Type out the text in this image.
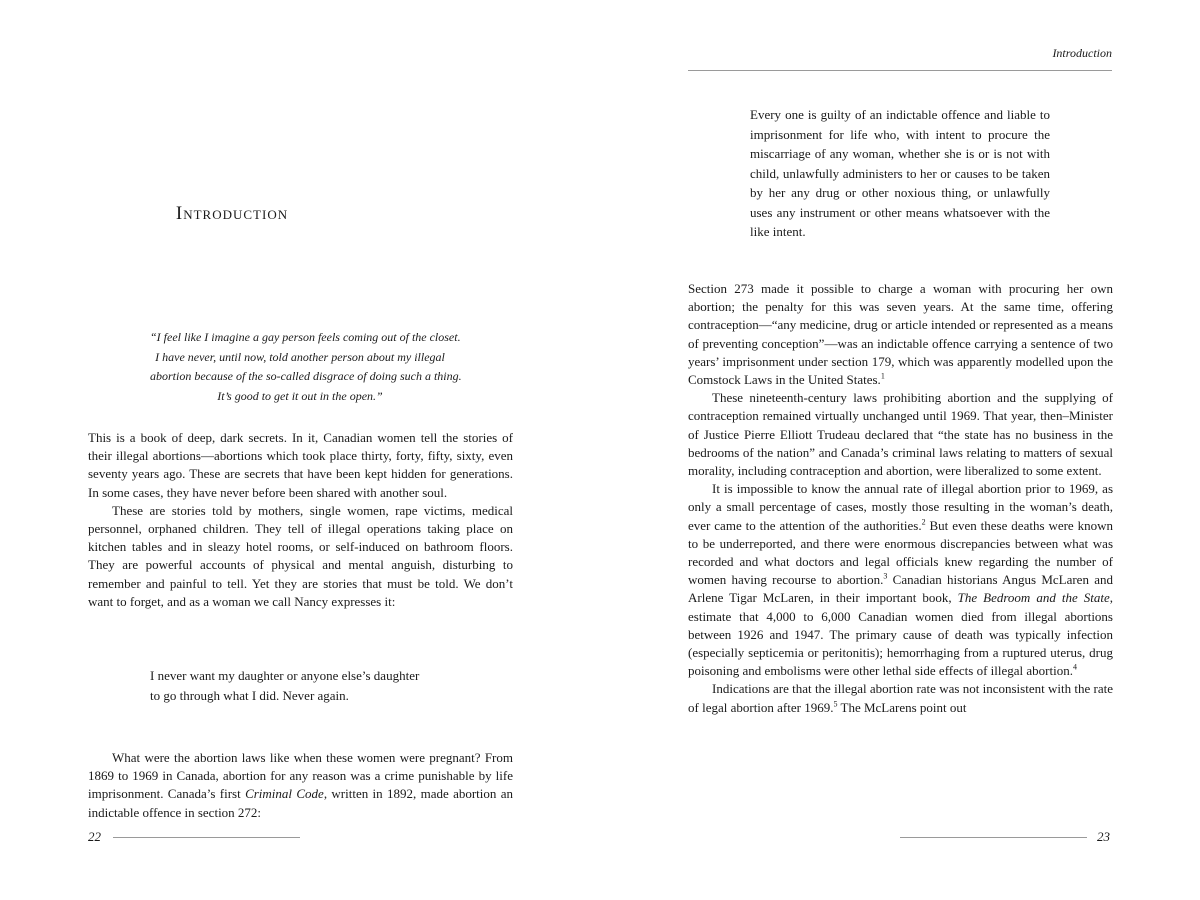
Introduction
“I feel like I imagine a gay person feels coming out of the closet.
I have never, until now, told another person about my illegal
abortion because of the so-called disgrace of doing such a thing.
It’s good to get it out in the open.”

This is a book of deep, dark secrets. In it, Canadian women tell the stories of their illegal abortions—abortions which took place thirty, forty, fifty, sixty, even seventy years ago. These are secrets that have been kept hidden for generations. In some cases, they have never before been shared with another soul.

These are stories told by mothers, single women, rape victims, medical personnel, orphaned children. They tell of illegal operations taking place on kitchen tables and in sleazy hotel rooms, or self-induced on bathroom floors. They are powerful accounts of physical and mental anguish, disturbing to remember and painful to tell. Yet they are stories that must be told. We don’t want to forget, and as a woman we call Nancy expresses it:

I never want my daughter or anyone else’s daughter
to go through what I did. Never again.

What were the abortion laws like when these women were pregnant? From 1869 to 1969 in Canada, abortion for any reason was a crime punishable by life imprisonment. Canada’s first Criminal Code, written in 1892, made abortion an indictable offence in section 272:

22
Introduction
Every one is guilty of an indictable offence and liable to imprisonment for life who, with intent to procure the miscarriage of any woman, whether she is or is not with child, unlawfully administers to her or causes to be taken by her any drug or other noxious thing, or unlawfully uses any instrument or other means whatsoever with the like intent.

Section 273 made it possible to charge a woman with procuring her own abortion; the penalty for this was seven years. At the same time, offering contraception—“any medicine, drug or article intended or represented as a means of preventing conception”—was an indictable offence carrying a sentence of two years’ imprisonment under section 179, which was apparently modelled upon the Comstock Laws in the United States.$^1$

These nineteenth-century laws prohibiting abortion and the supplying of contraception remained virtually unchanged until 1969. That year, then–Minister of Justice Pierre Elliott Trudeau declared that “the state has no business in the bedrooms of the nation” and Canada’s criminal laws relating to matters of sexual morality, including contraception and abortion, were liberalized to some extent.

It is impossible to know the annual rate of illegal abortion prior to 1969, as only a small percentage of cases, mostly those resulting in the woman’s death, ever came to the attention of the authorities.$^2$ But even these deaths were known to be underreported, and there were enormous discrepancies between what was recorded and what doctors and legal officials knew regarding the number of women having recourse to abortion.$^3$ Canadian historians Angus McLaren and Arlene Tigar McLaren, in their important book, The Bedroom and the State, estimate that 4,000 to 6,000 Canadian women died from illegal abortions between 1926 and 1947. The primary cause of death was typically infection (especially septicemia or peritonitis); hemorrhaging from a ruptured uterus, drug poisoning and embolisms were other lethal side effects of illegal abortion.$^4$

Indications are that the illegal abortion rate was not inconsistent with the rate of legal abortion after 1969.$^5$ The McLarens point out

23
